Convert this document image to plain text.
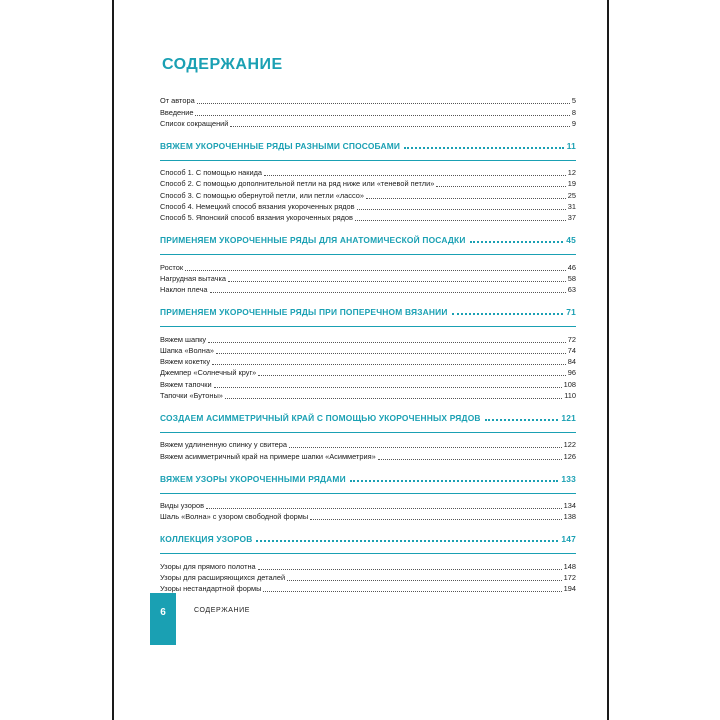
СОДЕРЖАНИЕ
От автора	5
Введение	8
Список сокращений	9
ВЯЖЕМ УКОРОЧЕННЫЕ РЯДЫ РАЗНЫМИ СПОСОБАМИ	11
Способ 1. С помощью накида	12
Способ 2. С помощью дополнительной петли на ряд ниже или «теневой петли»	19
Способ 3. С помощью обернутой петли, или петли «лассо»	25
Способ 4. Немецкий способ вязания укороченных рядов	31
Способ 5. Японский способ вязания укороченных рядов	37
ПРИМЕНЯЕМ УКОРОЧЕННЫЕ РЯДЫ ДЛЯ АНАТОМИЧЕСКОЙ ПОСАДКИ	45
Росток	46
Нагрудная вытачка	58
Наклон плеча	63
ПРИМЕНЯЕМ УКОРОЧЕННЫЕ РЯДЫ ПРИ ПОПЕРЕЧНОМ ВЯЗАНИИ	71
Вяжем шапку	72
Шапка «Волна»	74
Вяжем кокетку	84
Джемпер «Солнечный круг»	96
Вяжем тапочки	108
Тапочки «Бутоны»	110
СОЗДАЕМ АСИММЕТРИЧНЫЙ КРАЙ С ПОМОЩЬЮ УКОРОЧЕННЫХ РЯДОВ	121
Вяжем удлиненную спинку у свитера	122
Вяжем асимметричный край на примере шапки «Асимметрия»	126
ВЯЖЕМ УЗОРЫ УКОРОЧЕННЫМИ РЯДАМИ	133
Виды узоров	134
Шаль «Волна» с узором свободной формы	138
КОЛЛЕКЦИЯ УЗОРОВ	147
Узоры для прямого полотна	148
Узоры для расширяющихся деталей	172
Узоры нестандартной формы	194
6	СОДЕРЖАНИЕ
